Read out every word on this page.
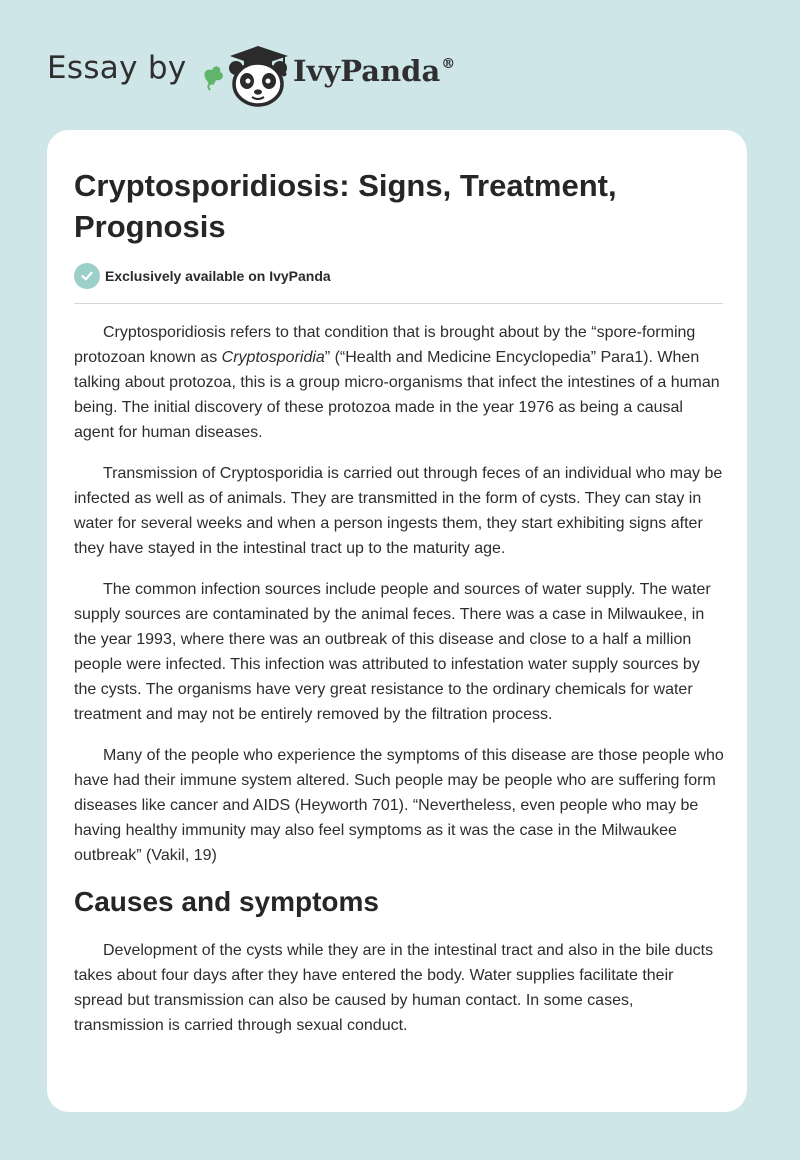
Essay by	IvyPanda®
Cryptosporidiosis: Signs, Treatment, Prognosis
Exclusively available on IvyPanda

Cryptosporidiosis refers to that condition that is brought about by the “spore-forming protozoan known as Cryptosporidia” (“Health and Medicine Encyclopedia” Para1). When talking about protozoa, this is a group micro-organisms that infect the intestines of a human being. The initial discovery of these protozoa made in the year 1976 as being a causal agent for human diseases.

Transmission of Cryptosporidia is carried out through feces of an individual who may be infected as well as of animals. They are transmitted in the form of cysts. They can stay in water for several weeks and when a person ingests them, they start exhibiting signs after they have stayed in the intestinal tract up to the maturity age.

The common infection sources include people and sources of water supply. The water supply sources are contaminated by the animal feces. There was a case in Milwaukee, in the year 1993, where there was an outbreak of this disease and close to a half a million people were infected. This infection was attributed to infestation water supply sources by the cysts. The organisms have very great resistance to the ordinary chemicals for water treatment and may not be entirely removed by the filtration process.

Many of the people who experience the symptoms of this disease are those people who have had their immune system altered. Such people may be people who are suffering form diseases like cancer and AIDS (Heyworth 701). “Nevertheless, even people who may be having healthy immunity may also feel symptoms as it was the case in the Milwaukee outbreak” (Vakil, 19)

Causes and symptoms

Development of the cysts while they are in the intestinal tract and also in the bile ducts takes about four days after they have entered the body. Water supplies facilitate their spread but transmission can also be caused by human contact. In some cases, transmission is carried through sexual conduct.
